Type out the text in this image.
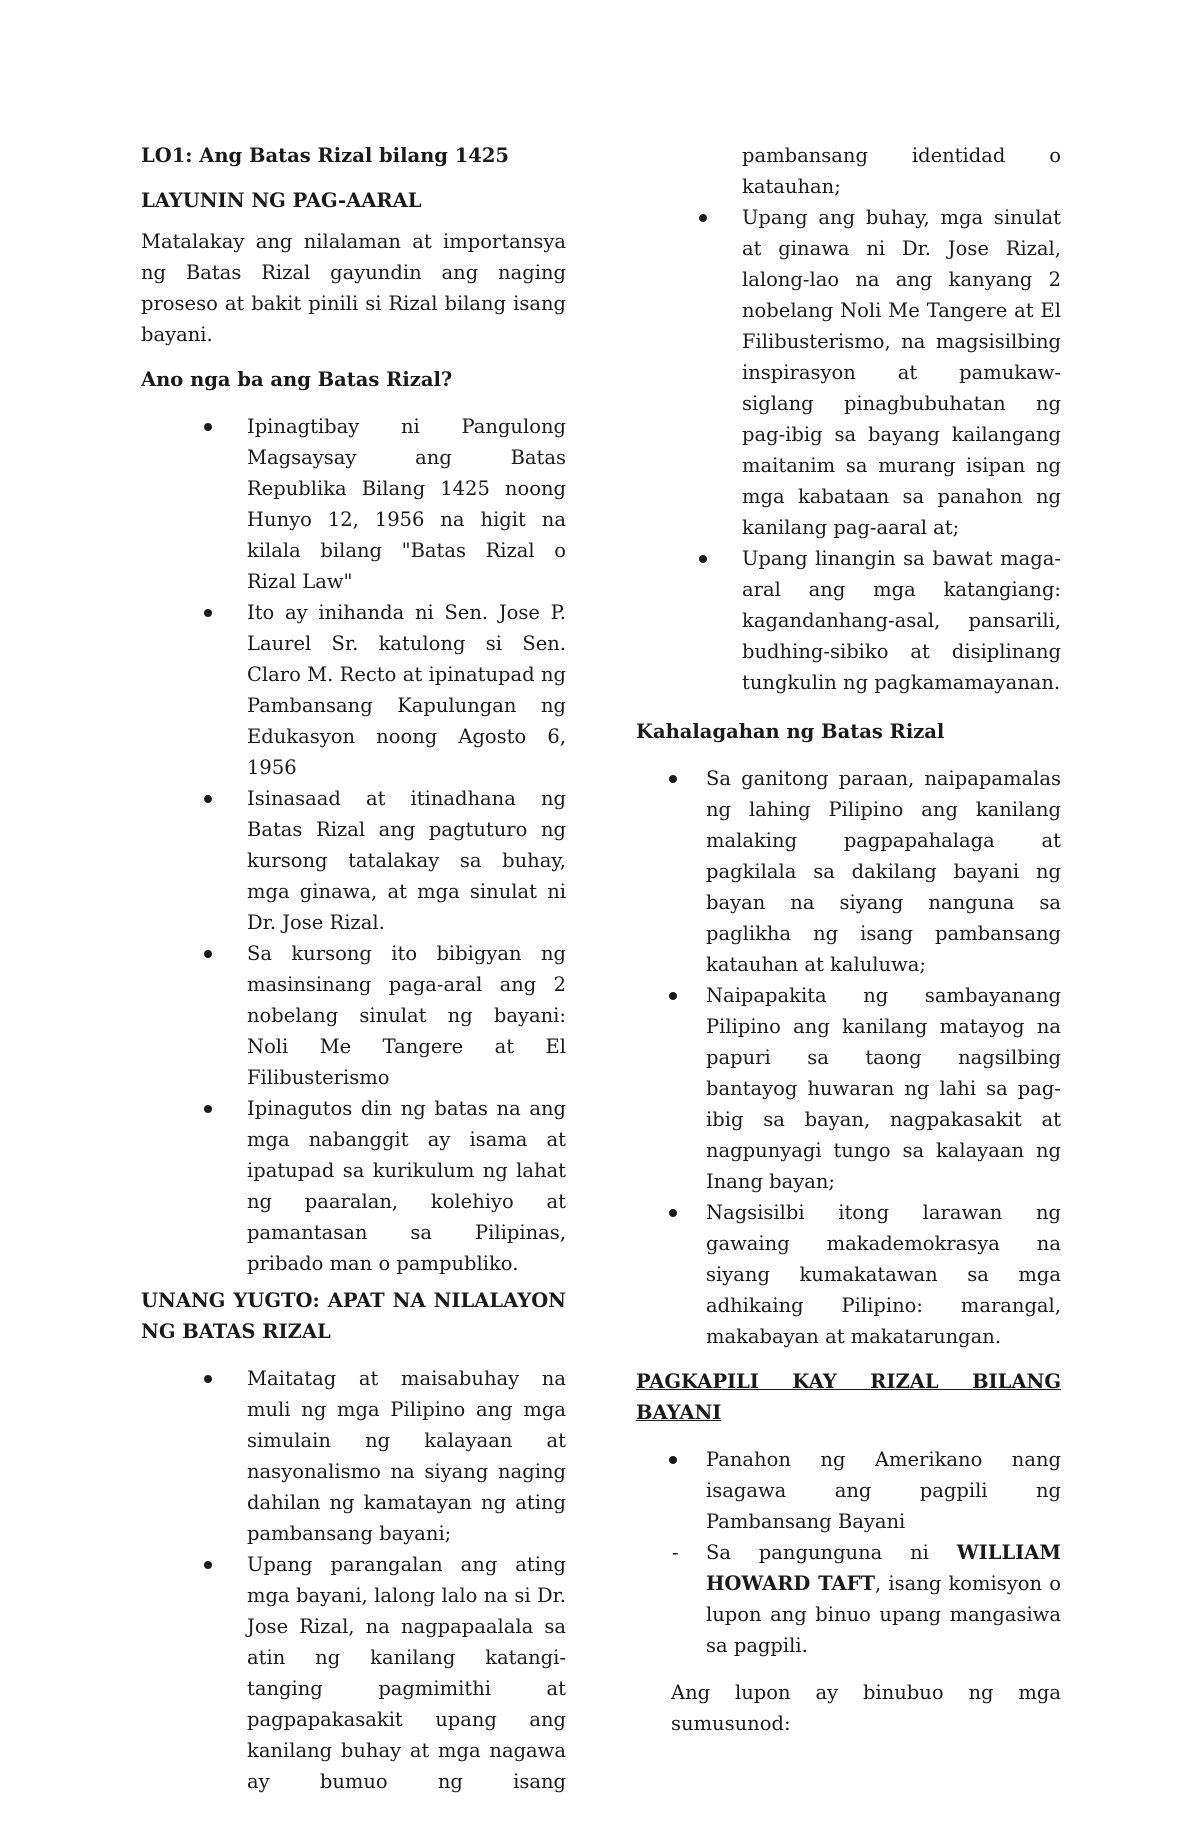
LO1: Ang Batas Rizal bilang 1425

LAYUNIN NG PAG-AARAL

Matalakay ang nilalaman at importansya ng Batas Rizal gayundin ang naging proseso at bakit pinili si Rizal bilang isang bayani.

Ano nga ba ang Batas Rizal?

Ipinagtibay ni Pangulong Magsaysay ang Batas Republika Bilang 1425 noong Hunyo 12, 1956 na higit na kilala bilang "Batas Rizal o Rizal Law"
Ito ay inihanda ni Sen. Jose P. Laurel Sr. katulong si Sen. Claro M. Recto at ipinatupad ng Pambansang Kapulungan ng Edukasyon noong Agosto 6, 1956
Isinasaad at itinadhana ng Batas Rizal ang pagtuturo ng kursong tatalakay sa buhay, mga ginawa, at mga sinulat ni Dr. Jose Rizal.
Sa kursong ito bibigyan ng masinsinang paga-aral ang 2 nobelang sinulat ng bayani: Noli Me Tangere at El Filibusterismo
Ipinagutos din ng batas na ang mga nabanggit ay isama at ipatupad sa kurikulum ng lahat ng paaralan, kolehiyo at pamantasan sa Pilipinas, pribado man o pampubliko.

UNANG YUGTO: APAT NA NILALAYON NG BATAS RIZAL

Maitatag at maisabuhay na muli ng mga Pilipino ang mga simulain ng kalayaan at nasyonalismo na siyang naging dahilan ng kamatayan ng ating pambansang bayani;
Upang parangalan ang ating mga bayani, lalong lalo na si Dr. Jose Rizal, na nagpapaalala sa atin ng kanilang katangi-tanging pagmimithi at pagpapakasakit upang ang kanilang buhay at mga nagawa ay bumuo ng isang

pambansang identidad o

katauhan;

Upang ang buhay, mga sinulat at ginawa ni Dr. Jose Rizal, lalong-lao na ang kanyang 2 nobelang Noli Me Tangere at El Filibusterismo, na magsisilbing inspirasyon at pamukaw-siglang pinagbubuhatan ng pag-ibig sa bayang kailangang maitanim sa murang isipan ng mga kabataan sa panahon ng kanilang pag-aaral at;
Upang linangin sa bawat maga-aral ang mga katangiang: kagandanhang-asal, pansarili, budhing-sibiko at disiplinang tungkulin ng pagkamamayanan.

Kahalagahan ng Batas Rizal

Sa ganitong paraan, naipapamalas ng lahing Pilipino ang kanilang malaking pagpapahalaga at pagkilala sa dakilang bayani ng bayan na siyang nanguna sa paglikha ng isang pambansang katauhan at kaluluwa;
Naipapakita ng sambayanang Pilipino ang kanilang matayog na papuri sa taong nagsilbing bantayog huwaran ng lahi sa pag-ibig sa bayan, nagpakasakit at nagpunyagi tungo sa kalayaan ng Inang bayan;
Nagsisilbi itong larawan ng gawaing makademokrasya na siyang kumakatawan sa mga adhikaing Pilipino: marangal, makabayan at makatarungan.

PAGKAPILI KAY RIZAL BILANG BAYANI

Panahon ng Amerikano nang isagawa ang pagpili ng Pambansang Bayani
- Sa pangunguna ni WILLIAM HOWARD TAFT, isang komisyon o lupon ang binuo upang mangasiwa sa pagpili.

Ang lupon ay binubuo ng mga

sumusunod:
